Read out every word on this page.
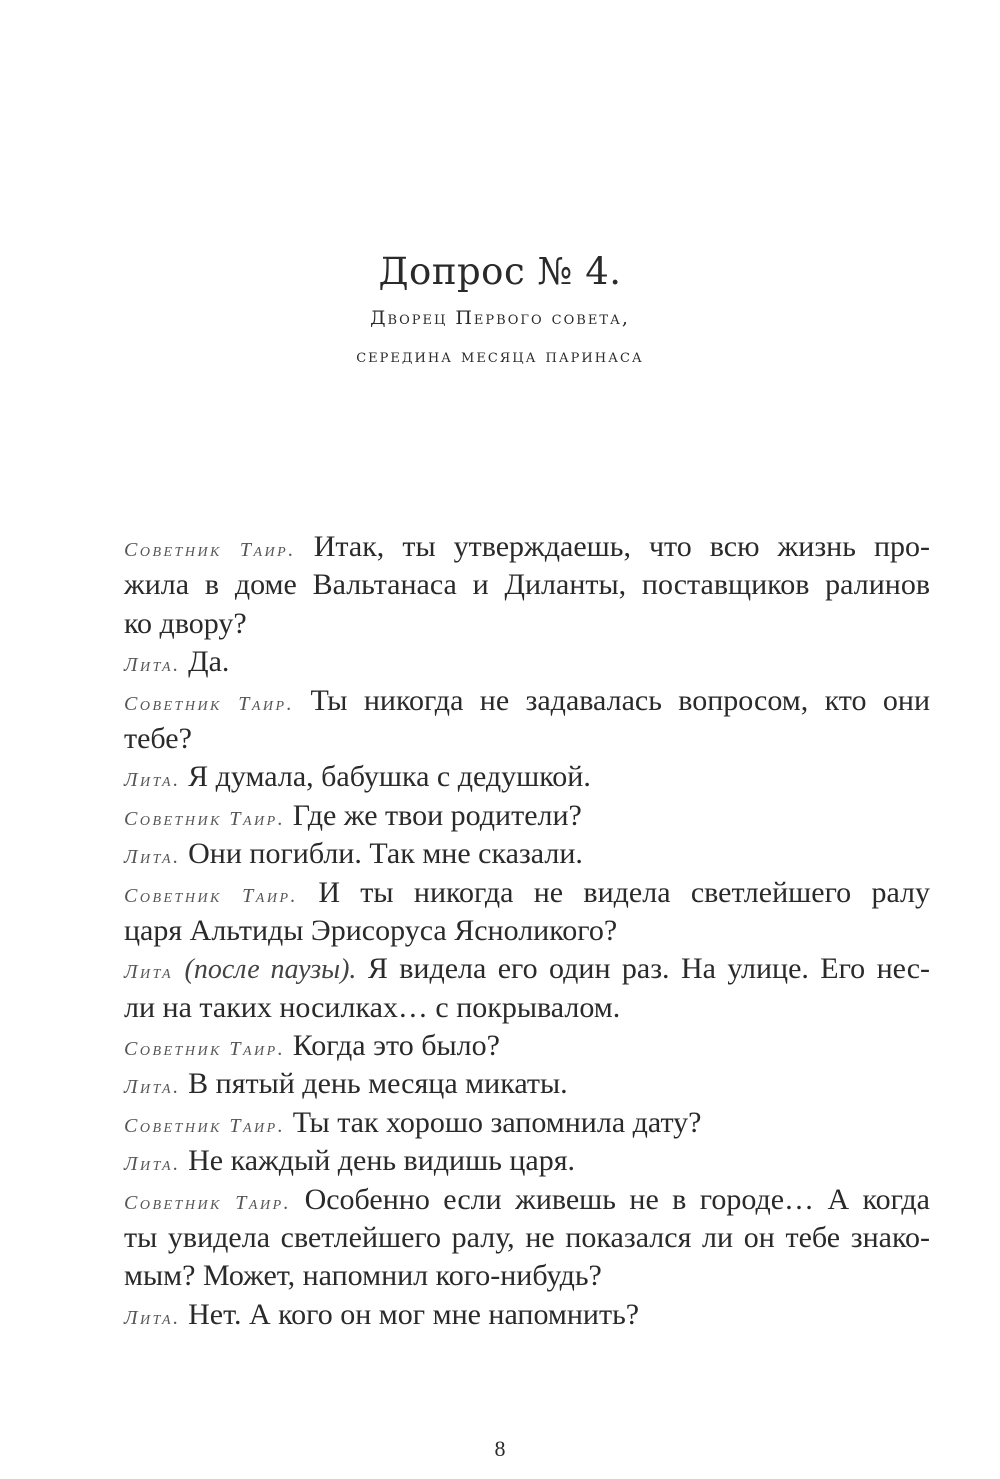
Допрос № 4.

Дворец Первого совета,

середина месяца паринаса

Советник Таир. Итак, ты утверждаешь, что всю жизнь про-
жила в доме Вальтанаса и Диланты, поставщиков ралинов
ко двору?
Лита. Да.
Советник Таир. Ты никогда не задавалась вопросом, кто они
тебе?
Лита. Я думала, бабушка с дедушкой.
Советник Таир. Где же твои родители?
Лита. Они погибли. Так мне сказали.
Советник Таир. И ты никогда не видела светлейшего ралу
царя Альтиды Эрисоруса Ясноликого?
Лита (после паузы). Я видела его один раз. На улице. Его нес-
ли на таких носилках… с покрывалом.
Советник Таир. Когда это было?
Лита. В пятый день месяца микаты.
Советник Таир. Ты так хорошо запомнила дату?
Лита. Не каждый день видишь царя.
Советник Таир. Особенно если живешь не в городе… А когда
ты увидела светлейшего ралу, не показался ли он тебе знако-
мым? Может, напомнил кого-нибудь?
Лита. Нет. А кого он мог мне напомнить?
8
